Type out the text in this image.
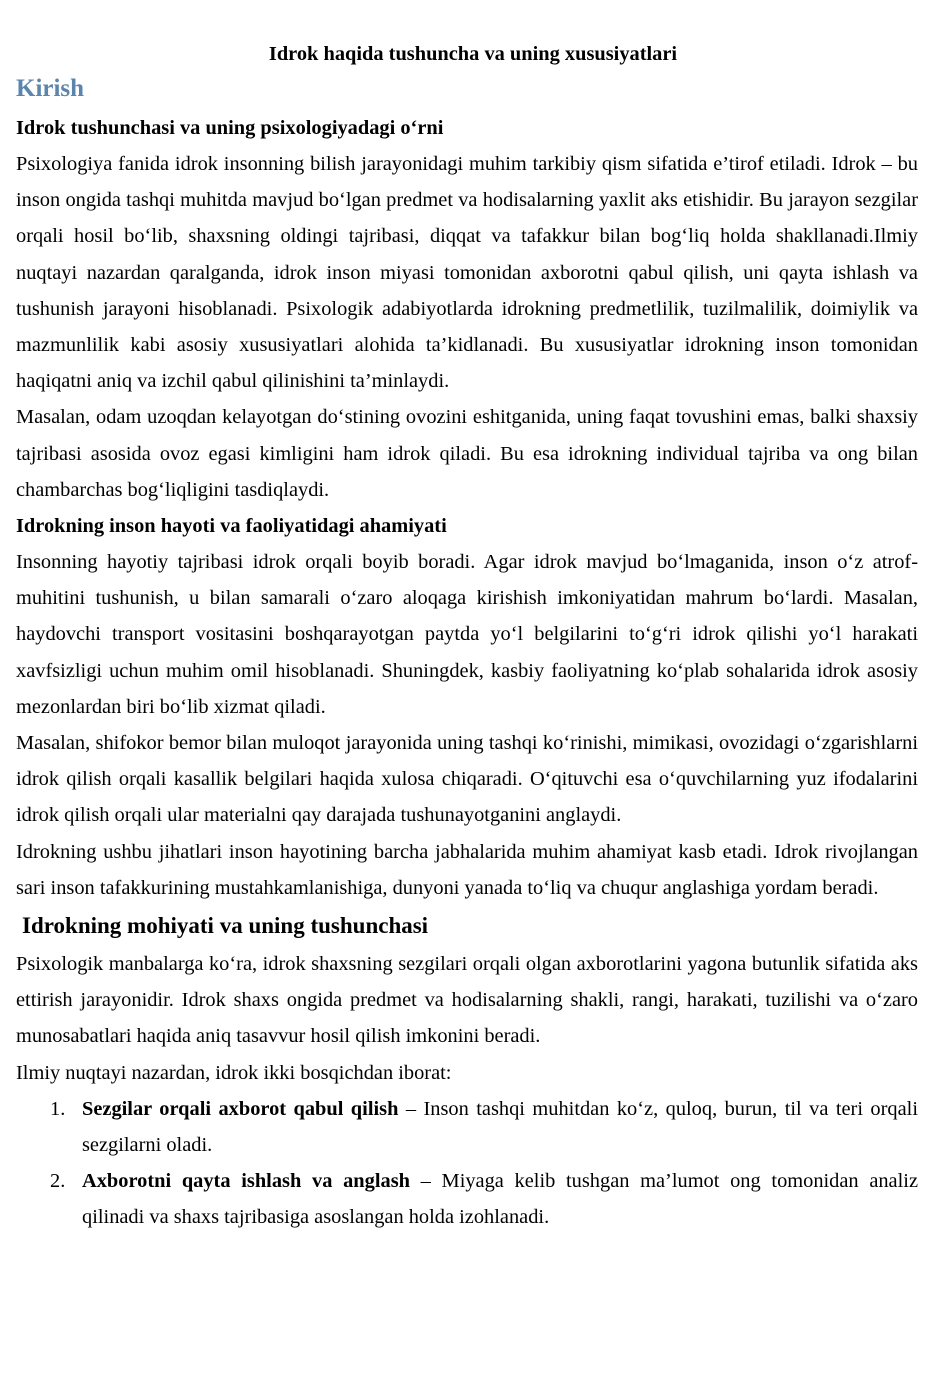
Idrok haqida tushuncha va uning xususiyatlari
Kirish
Idrok tushunchasi va uning psixologiyadagi o‘rni

Psixologiya fanida idrok insonning bilish jarayonidagi muhim tarkibiy qism sifatida e’tirof etiladi. Idrok – bu inson ongida tashqi muhitda mavjud bo‘lgan predmet va hodisalarning yaxlit aks etishidir. Bu jarayon sezgilar orqali hosil bo‘lib, shaxsning oldingi tajribasi, diqqat va tafakkur bilan bog‘liq holda shakllanadi.Ilmiy nuqtayi nazardan qaralganda, idrok inson miyasi tomonidan axborotni qabul qilish, uni qayta ishlash va tushunish jarayoni hisoblanadi. Psixologik adabiyotlarda idrokning predmetlilik, tuzilmalilik, doimiylik va mazmunlilik kabi asosiy xususiyatlari alohida ta’kidlanadi. Bu xususiyatlar idrokning inson tomonidan haqiqatni aniq va izchil qabul qilinishini ta’minlaydi.

Masalan, odam uzoqdan kelayotgan do‘stining ovozini eshitganida, uning faqat tovushini emas, balki shaxsiy tajribasi asosida ovoz egasi kimligini ham idrok qiladi. Bu esa idrokning individual tajriba va ong bilan chambarchas bog‘liqligini tasdiqlaydi.

Idrokning inson hayoti va faoliyatidagi ahamiyati

Insonning hayotiy tajribasi idrok orqali boyib boradi. Agar idrok mavjud bo‘lmaganida, inson o‘z atrof-muhitini tushunish, u bilan samarali o‘zaro aloqaga kirishish imkoniyatidan mahrum bo‘lardi. Masalan, haydovchi transport vositasini boshqarayotgan paytda yo‘l belgilarini to‘g‘ri idrok qilishi yo‘l harakati xavfsizligi uchun muhim omil hisoblanadi. Shuningdek, kasbiy faoliyatning ko‘plab sohalarida idrok asosiy mezonlardan biri bo‘lib xizmat qiladi.

Masalan, shifokor bemor bilan muloqot jarayonida uning tashqi ko‘rinishi, mimikasi, ovozidagi o‘zgarishlarni idrok qilish orqali kasallik belgilari haqida xulosa chiqaradi. O‘qituvchi esa o‘quvchilarning yuz ifodalarini idrok qilish orqali ular materialni qay darajada tushunayotganini anglaydi.

Idrokning ushbu jihatlari inson hayotining barcha jabhalarida muhim ahamiyat kasb etadi. Idrok rivojlangan sari inson tafakkurining mustahkamlanishiga, dunyoni yanada to‘liq va chuqur anglashiga yordam beradi.

Idrokning mohiyati va uning tushunchasi

Psixologik manbalarga ko‘ra, idrok shaxsning sezgilari orqali olgan axborotlarini yagona butunlik sifatida aks ettirish jarayonidir. Idrok shaxs ongida predmet va hodisalarning shakli, rangi, harakati, tuzilishi va o‘zaro munosabatlari haqida aniq tasavvur hosil qilish imkonini beradi.

Ilmiy nuqtayi nazardan, idrok ikki bosqichdan iborat:

1. Sezgilar orqali axborot qabul qilish – Inson tashqi muhitdan ko‘z, quloq, burun, til va teri orqali sezgilarni oladi.
2. Axborotni qayta ishlash va anglash – Miyaga kelib tushgan ma’lumot ong tomonidan analiz qilinadi va shaxs tajribasiga asoslangan holda izohlanadi.
